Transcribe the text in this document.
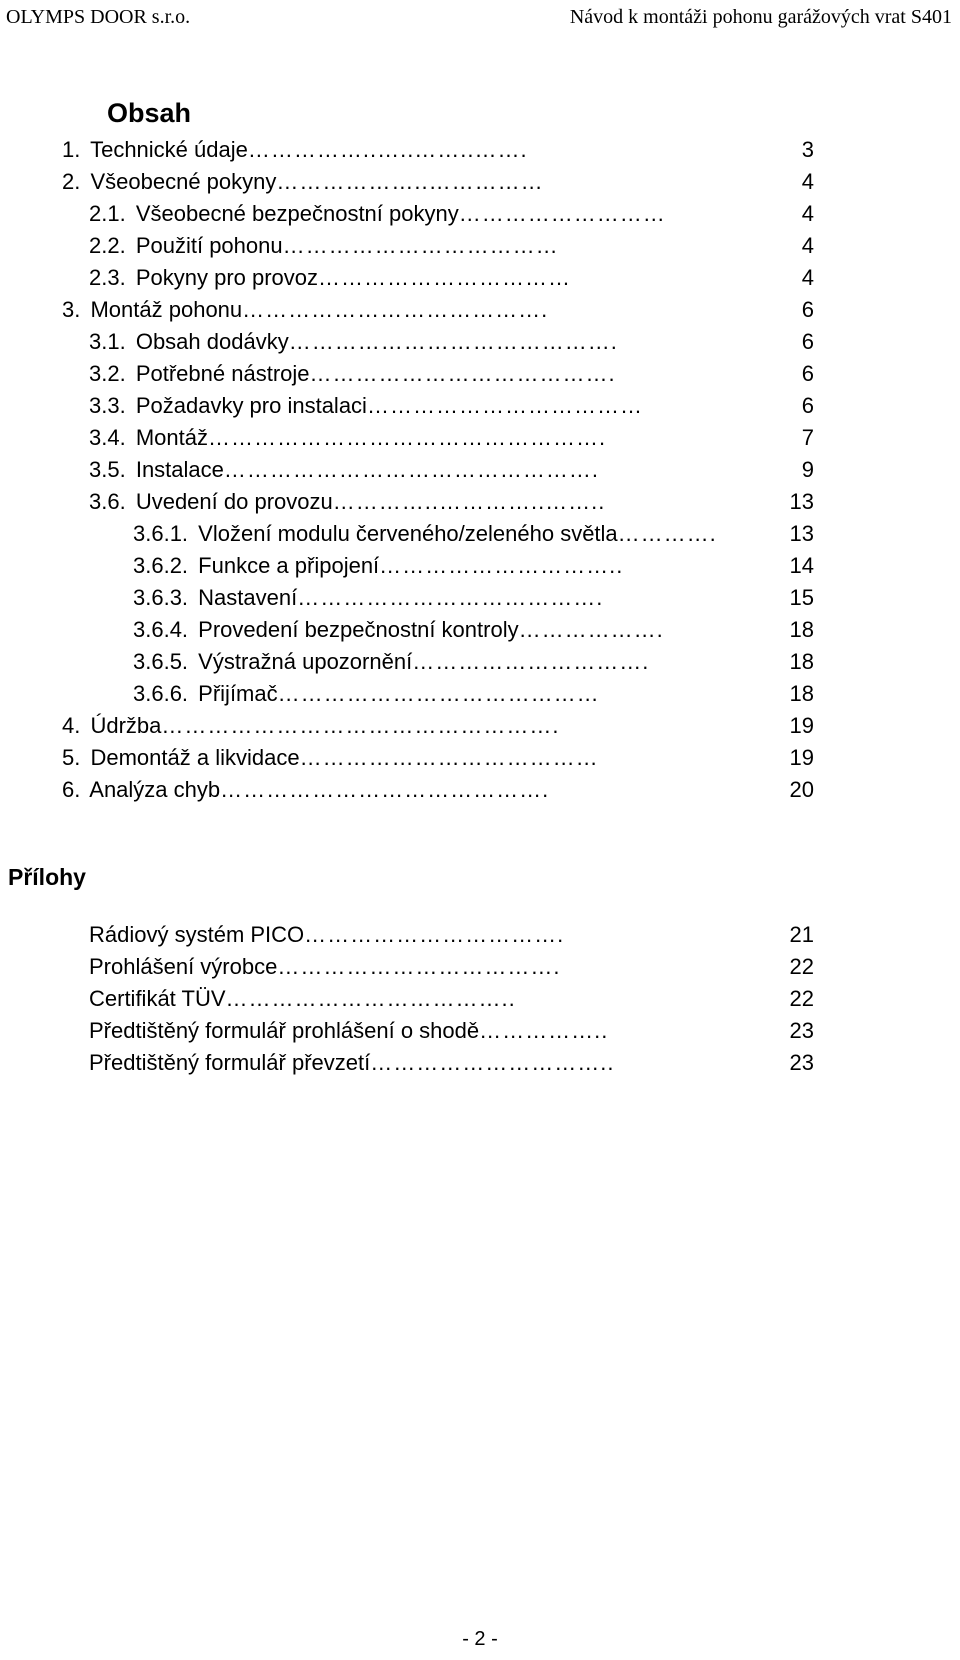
OLYMPS DOOR s.r.o.	Návod k montáži pohonu garážových vrat S401
Obsah
1. Technické údaje……………..…..……..…….	3
2. Všeobecné pokyny………………..……………	4
2.1. Všeobecné bezpečnostní pokyny………………………	4
2.2. Použití pohonu………………………………	4
2.3. Pokyny pro provoz……………………………	4
3. Montáž pohonu………………………………….	6
3.1. Obsah dodávky…………………………………….	6
3.2. Potřebné nástroje………………………………….	6
3.3. Požadavky pro instalaci………………………………	6
3.4. Montáž…………………………………………….	7
3.5. Instalace………………………………………….	9
3.6. Uvedení do provozu…………..…………..……..	13
3.6.1. Vložení modulu červeného/zeleného světla………….	13
3.6.2. Funkce a připojení…………………………..	14
3.6.3. Nastavení………………………………….	15
3.6.4. Provedení bezpečnostní kontroly……………….	18
3.6.5. Výstražná upozornění………………………….	18
3.6.6. Přijímač……………………………………	18
4. Údržba…………………………………………….	19
5. Demontáž a likvidace…………………………………	19
6. Analýza chyb…………………………………….	20
Přílohy
Rádiový systém PICO…………………………….	21
Prohlášení výrobce……………………………….	22
Certifikát TÜV………………………………..	22
Předtištěný formulář prohlášení o shodě……………..	23
Předtištěný formulář převzetí…………………………..	23
- 2 -
